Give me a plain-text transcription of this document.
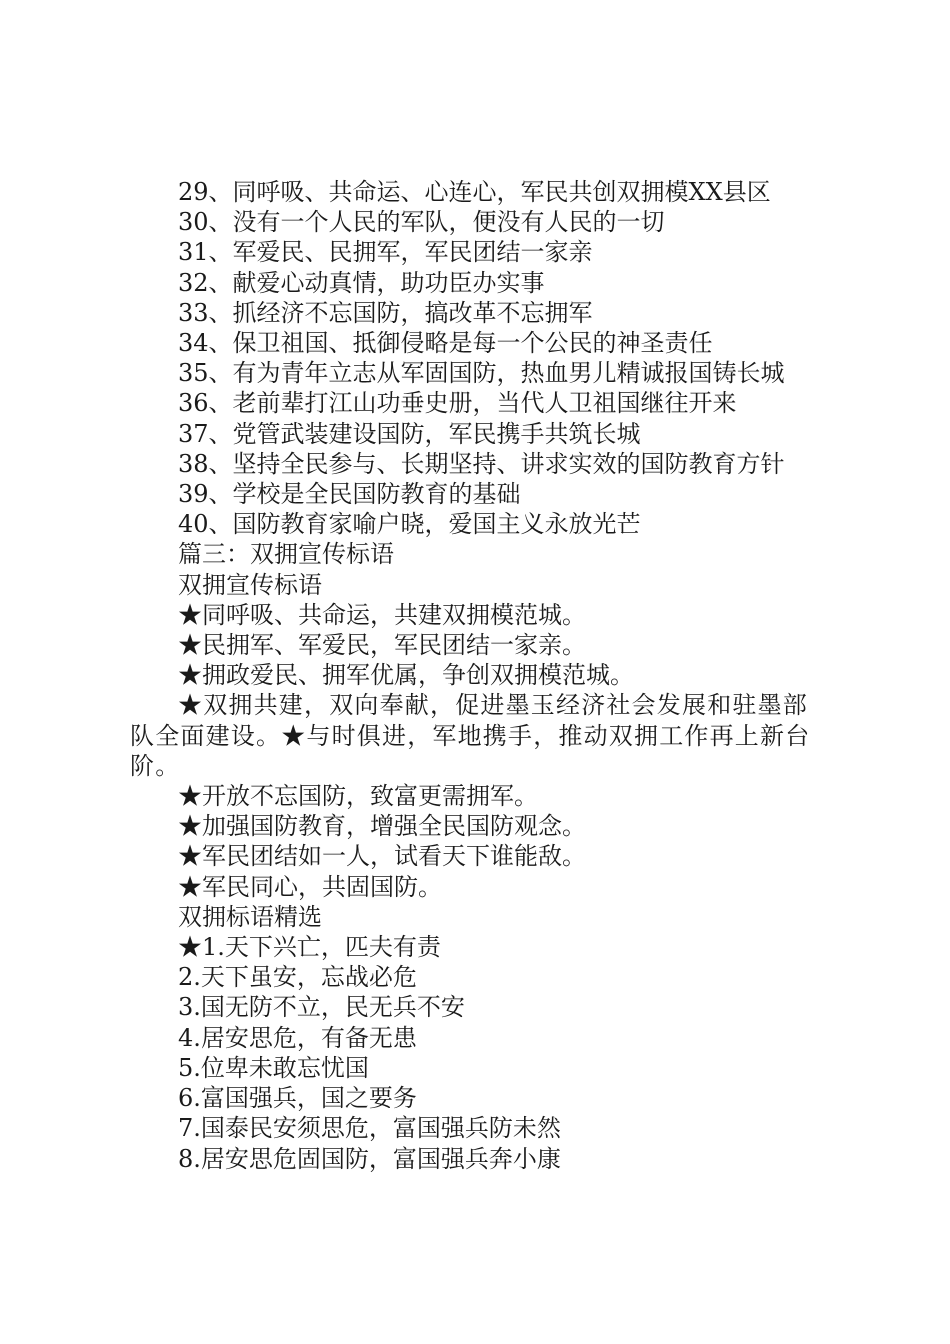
29、同呼吸、共命运、心连心，军民共创双拥模XX县区
30、没有一个人民的军队，便没有人民的一切
31、军爱民、民拥军，军民团结一家亲
32、献爱心动真情，助功臣办实事
33、抓经济不忘国防，搞改革不忘拥军
34、保卫祖国、抵御侵略是每一个公民的神圣责任
35、有为青年立志从军固国防，热血男儿精诚报国铸长城
36、老前辈打江山功垂史册，当代人卫祖国继往开来
37、党管武装建设国防，军民携手共筑长城
38、坚持全民参与、长期坚持、讲求实效的国防教育方针
39、学校是全民国防教育的基础
40、国防教育家喻户晓，爱国主义永放光芒
篇三：双拥宣传标语
双拥宣传标语
★同呼吸、共命运，共建双拥模范城。
★民拥军、军爱民，军民团结一家亲。
★拥政爱民、拥军优属，争创双拥模范城。

★双拥共建，双向奉献，促进墨玉经济社会发展和驻墨部队全面建设。★与时俱进，军地携手，推动双拥工作再上新台阶。

★开放不忘国防，致富更需拥军。
★加强国防教育，增强全民国防观念。
★军民团结如一人，试看天下谁能敌。
★军民同心，共固国防。
双拥标语精选
★1.天下兴亡，匹夫有责
2.天下虽安，忘战必危
3.国无防不立，民无兵不安
4.居安思危，有备无患
5.位卑未敢忘忧国
6.富国强兵，国之要务
7.国泰民安须思危，富国强兵防未然
8.居安思危固国防，富国强兵奔小康
